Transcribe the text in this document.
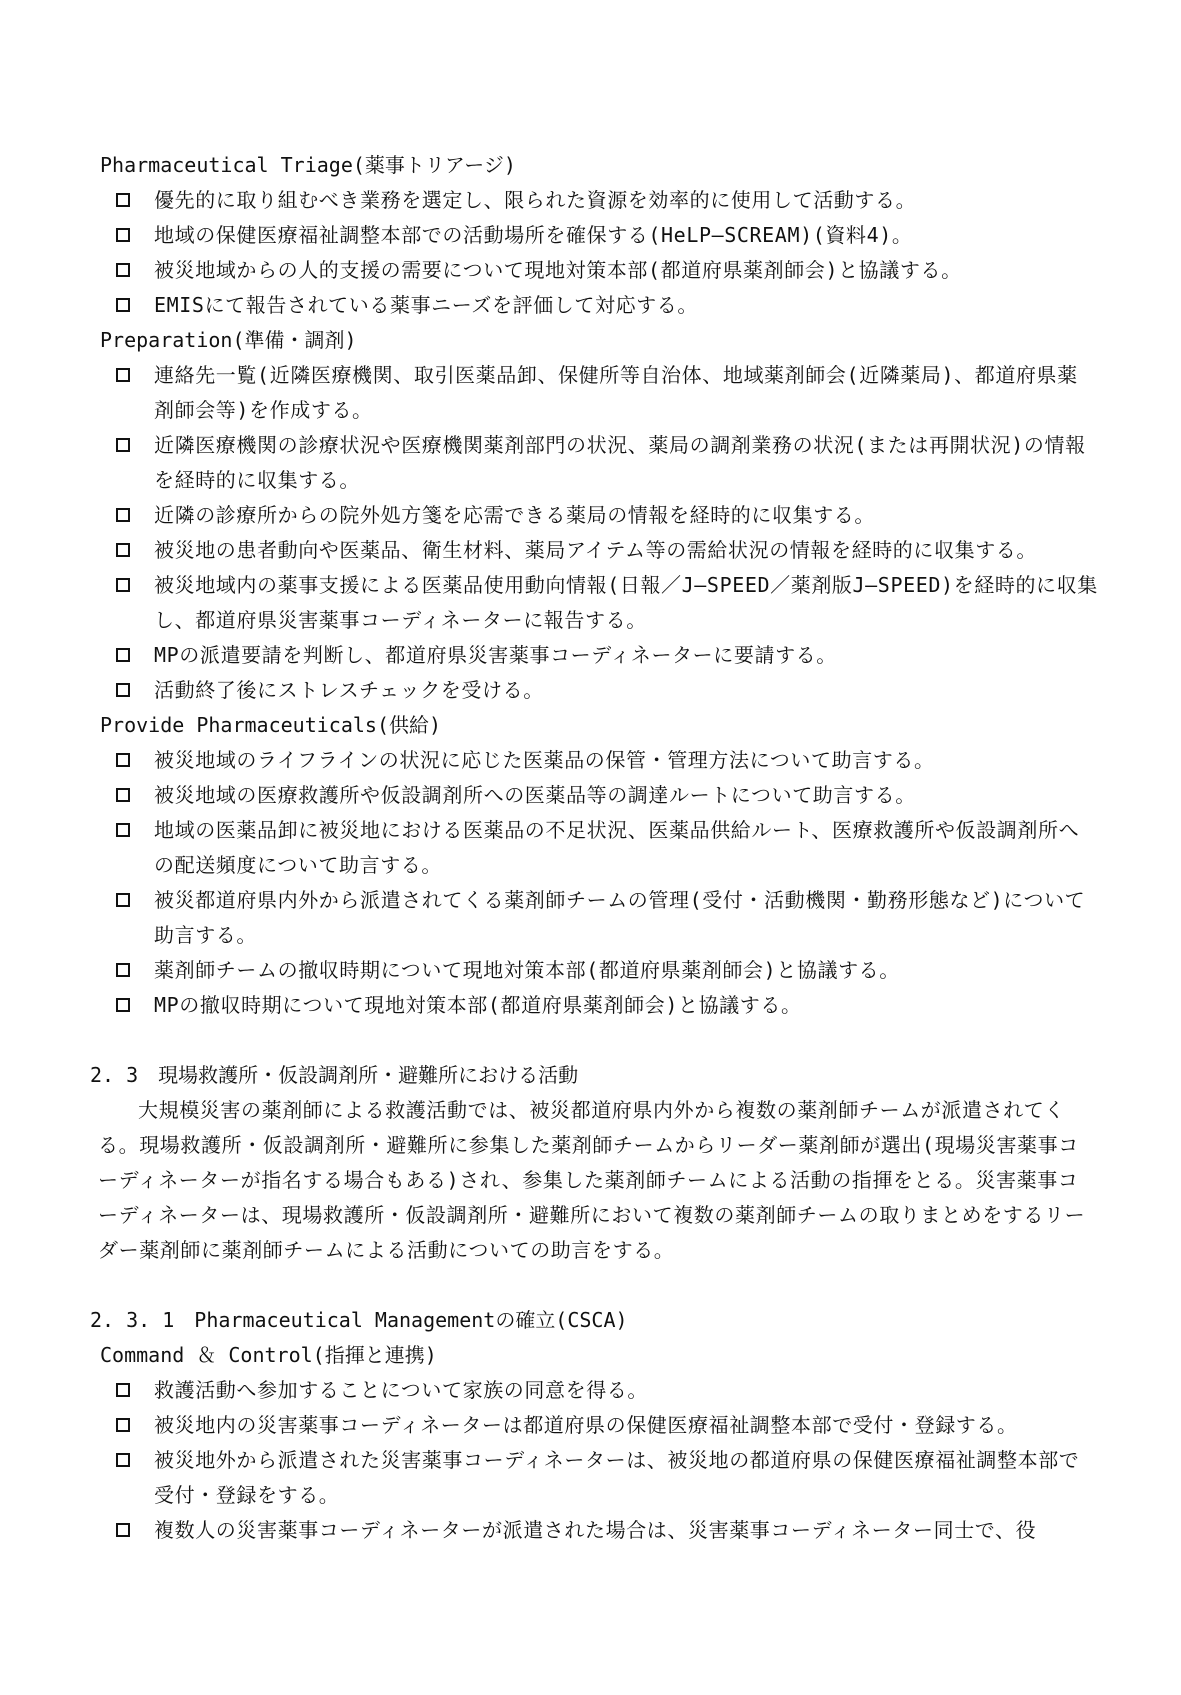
Pharmaceutical Triage(薬事トリアージ)
優先的に取り組むべき業務を選定し、限られた資源を効率的に使用して活動する。
地域の保健医療福祉調整本部での活動場所を確保する(HeLP—SCREAM)(資料4)。
被災地域からの人的支援の需要について現地対策本部(都道府県薬剤師会)と協議する。
EMISにて報告されている薬事ニーズを評価して対応する。
Preparation(準備・調剤)
連絡先一覧(近隣医療機関、取引医薬品卸、保健所等自治体、地域薬剤師会(近隣薬局)、都道府県薬剤師会等)を作成する。
近隣医療機関の診療状況や医療機関薬剤部門の状況、薬局の調剤業務の状況(または再開状況)の情報を経時的に収集する。
近隣の診療所からの院外処方箋を応需できる薬局の情報を経時的に収集する。
被災地の患者動向や医薬品、衛生材料、薬局アイテム等の需給状況の情報を経時的に収集する。
被災地域内の薬事支援による医薬品使用動向情報(日報／J—SPEED／薬剤版J—SPEED)を経時的に収集し、都道府県災害薬事コーディネーターに報告する。
MPの派遣要請を判断し、都道府県災害薬事コーディネーターに要請する。
活動終了後にストレスチェックを受ける。
Provide Pharmaceuticals(供給)
被災地域のライフラインの状況に応じた医薬品の保管・管理方法について助言する。
被災地域の医療救護所や仮設調剤所への医薬品等の調達ルートについて助言する。
地域の医薬品卸に被災地における医薬品の不足状況、医薬品供給ルート、医療救護所や仮設調剤所への配送頻度について助言する。
被災都道府県内外から派遣されてくる薬剤師チームの管理(受付・活動機関・勤務形態など)について助言する。
薬剤師チームの撤収時期について現地対策本部(都道府県薬剤師会)と協議する。
MPの撤収時期について現地対策本部(都道府県薬剤師会)と協議する。
2. 3　現場救護所・仮設調剤所・避難所における活動
大規模災害の薬剤師による救護活動では、被災都道府県内外から複数の薬剤師チームが派遣されてくる。現場救護所・仮設調剤所・避難所に参集した薬剤師チームからリーダー薬剤師が選出(現場災害薬事コーディネーターが指名する場合もある)され、参集した薬剤師チームによる活動の指揮をとる。災害薬事コーディネーターは、現場救護所・仮設調剤所・避難所において複数の薬剤師チームの取りまとめをするリーダー薬剤師に薬剤師チームによる活動についての助言をする。
2. 3. 1　Pharmaceutical Managementの確立(CSCA)
Command ＆ Control(指揮と連携)
救護活動へ参加することについて家族の同意を得る。
被災地内の災害薬事コーディネーターは都道府県の保健医療福祉調整本部で受付・登録する。
被災地外から派遣された災害薬事コーディネーターは、被災地の都道府県の保健医療福祉調整本部で受付・登録をする。
複数人の災害薬事コーディネーターが派遣された場合は、災害薬事コーディネーター同士で、役
